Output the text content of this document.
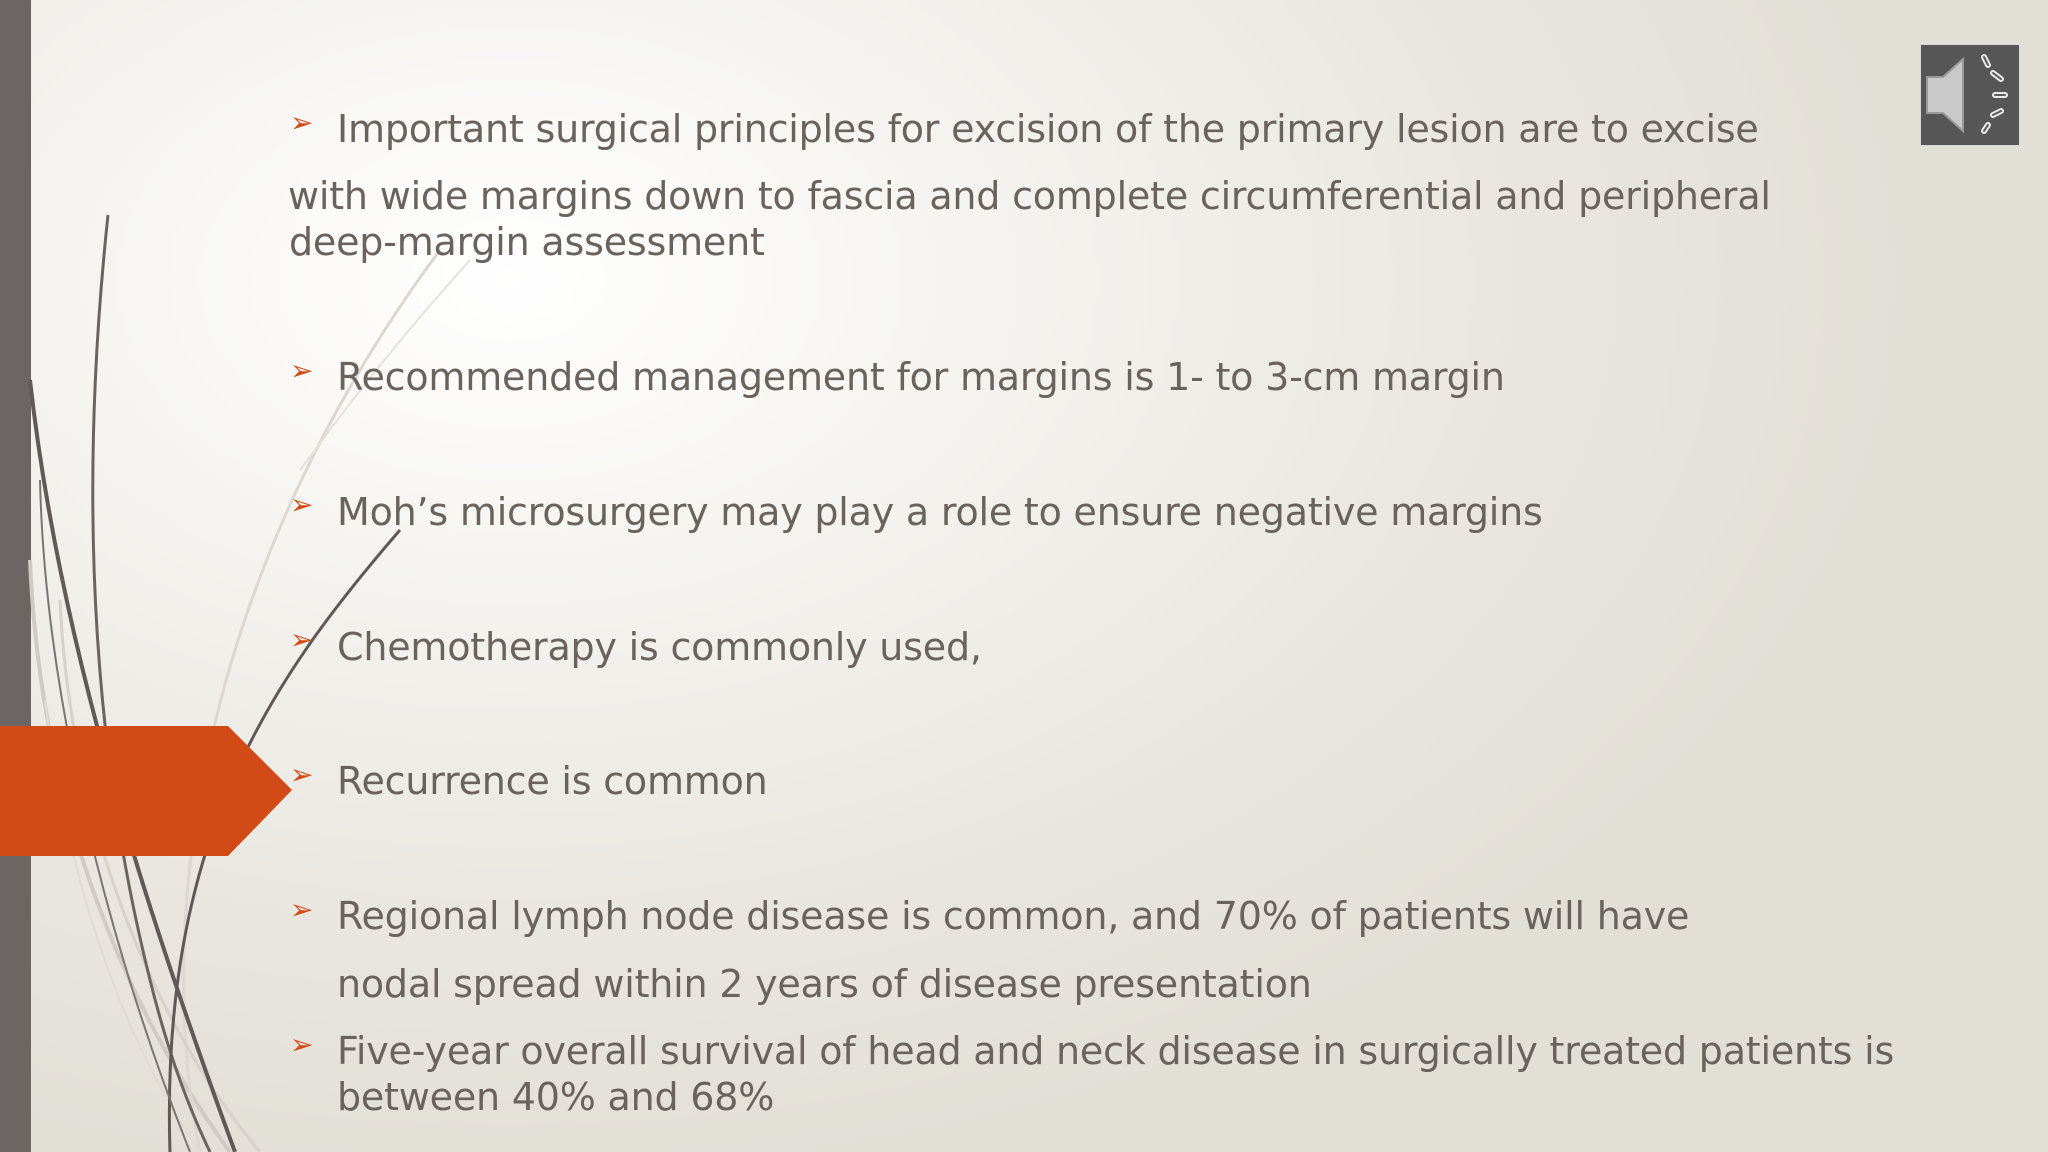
➢ Important surgical principles for excision of the primary lesion are to excise
with wide margins down to fascia and complete circumferential and peripheral
deep-margin assessment
➢ Recommended management for margins is 1- to 3-cm margin
➢ Moh’s microsurgery may play a role to ensure negative margins
➢ Chemotherapy is commonly used,
➢ Recurrence is common
➢ Regional lymph node disease is common, and 70% of patients will have
nodal spread within 2 years of disease presentation
➢ Five-year overall survival of head and neck disease in surgically treated patients is
between 40% and 68%
